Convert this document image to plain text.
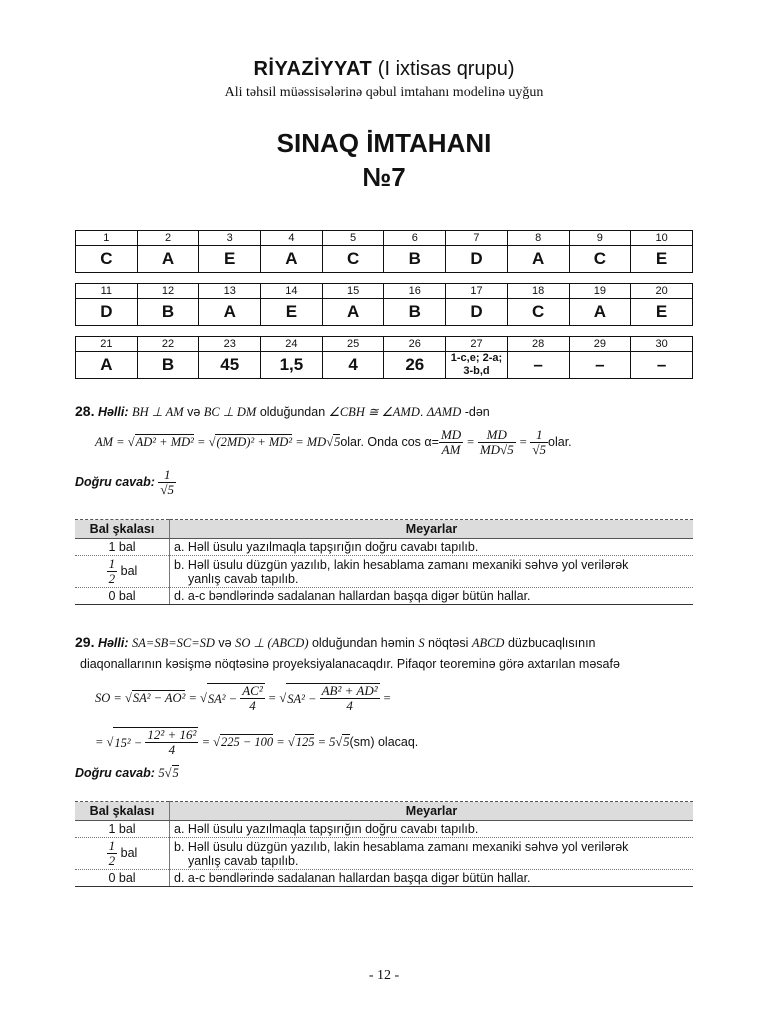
RİYAZİYYAT (I ixtisas qrupu)
Ali təhsil müəssisələrinə qəbul imtahanı modelinə uyğun
SINAQ İMTAHANI
№7
1	2	3	4	5	6	7	8	9	10
C	A	E	A	C	B	D	A	C	E
11	12	13	14	15	16	17	18	19	20
D	B	A	E	A	B	D	C	A	E
21	22	23	24	25	26	27	28	29	30
A	B	45	1,5	4	26	1-c,e; 2-a;
3-b,d	–	–	–
28. Həlli: BH ⊥ AM və BC ⊥ DM olduğundan ∠CBH ≅ ∠AMD. ΔAMD -dən
AM = √AD² + MD² = √(2MD)² + MD² = MD√5 olar. Onda $\cos \alpha= \frac{MD}{AM} = \frac{MD}{MD√5} = \frac{1}{√5}$ olar.
Doğru cavab:
$\frac{1}{√5}$
Bal şkalası	Meyarlar
1 bal	a. Həll üsulu yazılmaqla tapşırığın doğru cavabı tapılıb.

$\frac{1}{2}$ bal	b. Həll üsulu düzgün yazılıb, lakin hesablama zamanı mexaniki səhvə yol verilərək
yanlış cavab tapılıb.

0 bal	d. a-c bəndlərində sadalanan hallardan başqa digər bütün hallar.
29. Həlli: SA=SB=SC=SD və SO ⊥ (ABCD) olduğundan həmin S nöqtəsi ABCD düzbucaqlısının
diaqonallarının kəsişmə nöqtəsinə proyeksiyalanacaqdır. Pifaqor teoreminə görə axtarılan məsafə
SO = √SA² − AO² = √ $SA^2 - \frac{\text{AC²}}{4}$ = √ $SA^2 - \frac{\text{AB² + AD²}}{4}$ =
= √ $15^2 - \frac{\text{12² + 16²}}{4} = √225 - 100 = √125 = 5√5$ (sm) olacaq.
Doğru cavab: 5√5
Bal şkalası	Meyarlar
1 bal	a. Həll üsulu yazılmaqla tapşırığın doğru cavabı tapılıb.

$\frac{1}{2}$ bal	b. Həll üsulu düzgün yazılıb, lakin hesablama zamanı mexaniki səhvə yol verilərək
yanlış cavab tapılıb.

0 bal	d. a-c bəndlərində sadalanan hallardan başqa digər bütün hallar.
- 12 -
